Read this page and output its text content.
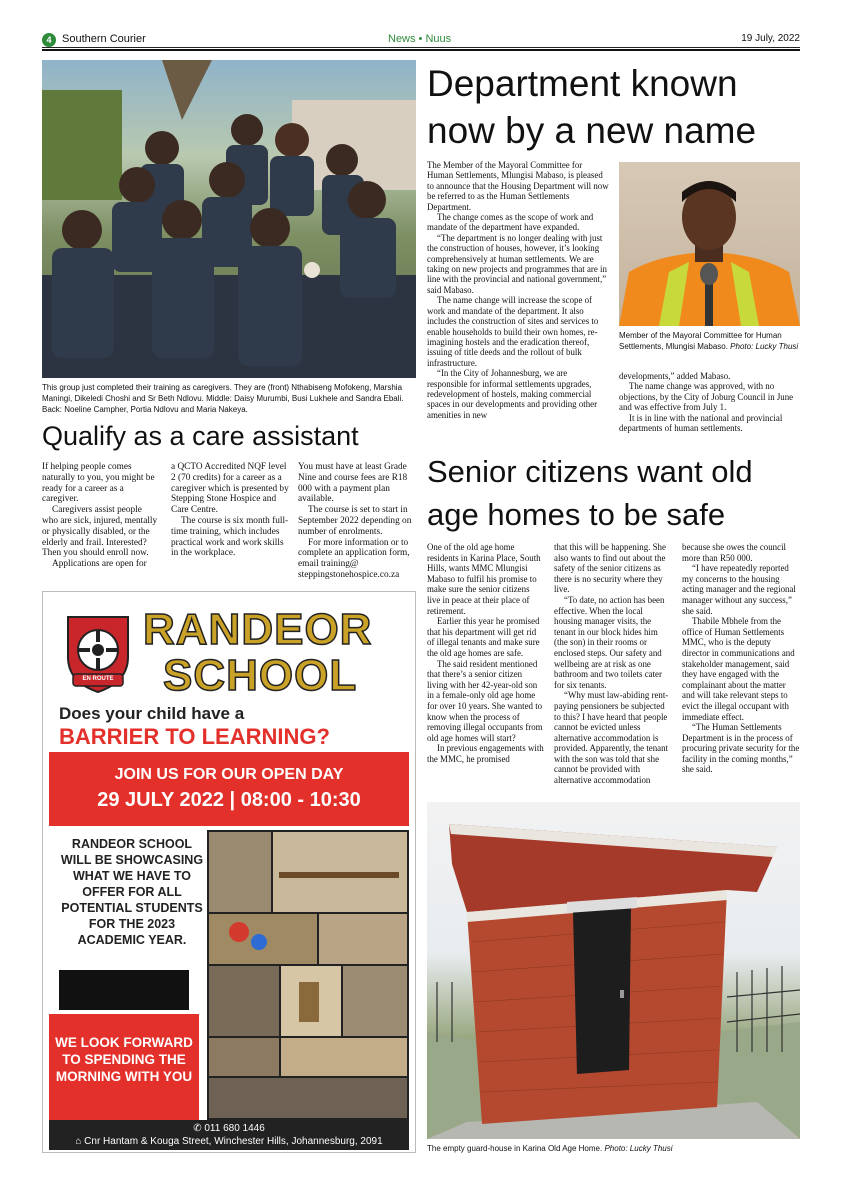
4 Southern Courier	News • Nuus	19 July, 2022
This group just completed their training as caregivers. They are (front) Nthabiseng Mofokeng, Marshia Maningi, Dikeledi Choshi and Sr Beth Ndlovu. Middle: Daisy Murumbi, Busi Lukhele and Sandra Ebali. Back: Noeline Campher, Portia Ndlovu and Maria Nakeya.
Qualify as a care assistant

If helping people comes naturally to you, you might be ready for a career as a caregiver.

Caregivers assist people who are sick, injured, mentally or physically disabled, or the elderly and frail. Interested? Then you should enroll now.

Applications are open for

a QCTO Accredited NQF level 2 (70 credits) for a career as a caregiver which is presented by Stepping Stone Hospice and Care Centre.

The course is six month full-time training, which includes practical work and work skills in the workplace.

You must have at least Grade Nine and course fees are R18 000 with a payment plan available.

The course is set to start in September 2022 depending on number of enrolments.

For more information or to complete an application form, email training@ steppingstonehospice.co.za

Department known now by a new name

The Member of the Mayoral Committee for Human Settlements, Mlungisi Mabaso, is pleased to announce that the Housing Department will now be referred to as the Human Settlements Department.

The change comes as the scope of work and mandate of the department have expanded.

“The department is no longer dealing with just the construction of houses, however, it’s looking comprehensively at human settlements. We are taking on new projects and programmes that are in line with the provincial and national government,” said Mabaso.

The name change will increase the scope of work and mandate of the department. It also includes the construction of sites and services to enable households to build their own homes, re-imagining hostels and the eradication thereof, issuing of title deeds and the rollout of bulk infrastructure.

“In the City of Johannesburg, we are responsible for informal settlements upgrades, redevelopment of hostels, making commercial spaces in our developments and providing other amenities in new

Member of the Mayoral Committee for Human Settlements, Mlungisi Mabaso. Photo: Lucky Thusi

developments,” added Mabaso.

The name change was approved, with no objections, by the City of Joburg Council in June and was effective from July 1.

It is in line with the national and provincial departments of human settlements.

Senior citizens want old age homes to be safe

One of the old age home residents in Karina Place, South Hills, wants MMC Mlungisi Mabaso to fulfil his promise to make sure the senior citizens live in peace at their place of retirement.

Earlier this year he promised that his department will get rid of illegal tenants and make sure the old age homes are safe.

The said resident mentioned that there’s a senior citizen living with her 42-year-old son in a female-only old age home for over 10 years. She wanted to know when the process of removing illegal occupants from old age homes will start?

In previous engagements with the MMC, he promised

that this will be happening. She also wants to find out about the safety of the senior citizens as there is no security where they live.

“To date, no action has been effective. When the local housing manager visits, the tenant in our block hides him (the son) in their rooms or enclosed steps. Our safety and wellbeing are at risk as one bathroom and two toilets cater for six tenants.

“Why must law-abiding rent-paying pensioners be subjected to this? I have heard that people cannot be evicted unless alternative accommodation is provided. Apparently, the tenant with the son was told that she cannot be provided with alternative accommodation

because she owes the council more than R50 000.

“I have repeatedly reported my concerns to the housing acting manager and the regional manager without any success,” she said.

Thabile Mbhele from the office of Human Settlements MMC, who is the deputy director in communications and stakeholder management, said they have engaged with the complainant about the matter and will take relevant steps to evict the illegal occupant with immediate effect.

“The Human Settlements Department is in the process of procuring private security for the facility in the coming months,” she said.

The empty guard-house in Karina Old Age Home. Photo: Lucky Thusi
EN ROUTE
RANDEOR
SCHOOL
Does your child have a
BARRIER TO LEARNING?
JOIN US FOR OUR OPEN DAY
29 JULY 2022 | 08:00 - 10:30
RANDEOR SCHOOL WILL BE SHOWCASING WHAT WE HAVE TO OFFER FOR ALL POTENTIAL STUDENTS FOR THE 2023 ACADEMIC YEAR.
WE LOOK FORWARD TO SPENDING THE MORNING WITH YOU
✆ 011 680 1446
⌂ Cnr Hantam & Kouga Street, Winchester Hills, Johannesburg, 2091
